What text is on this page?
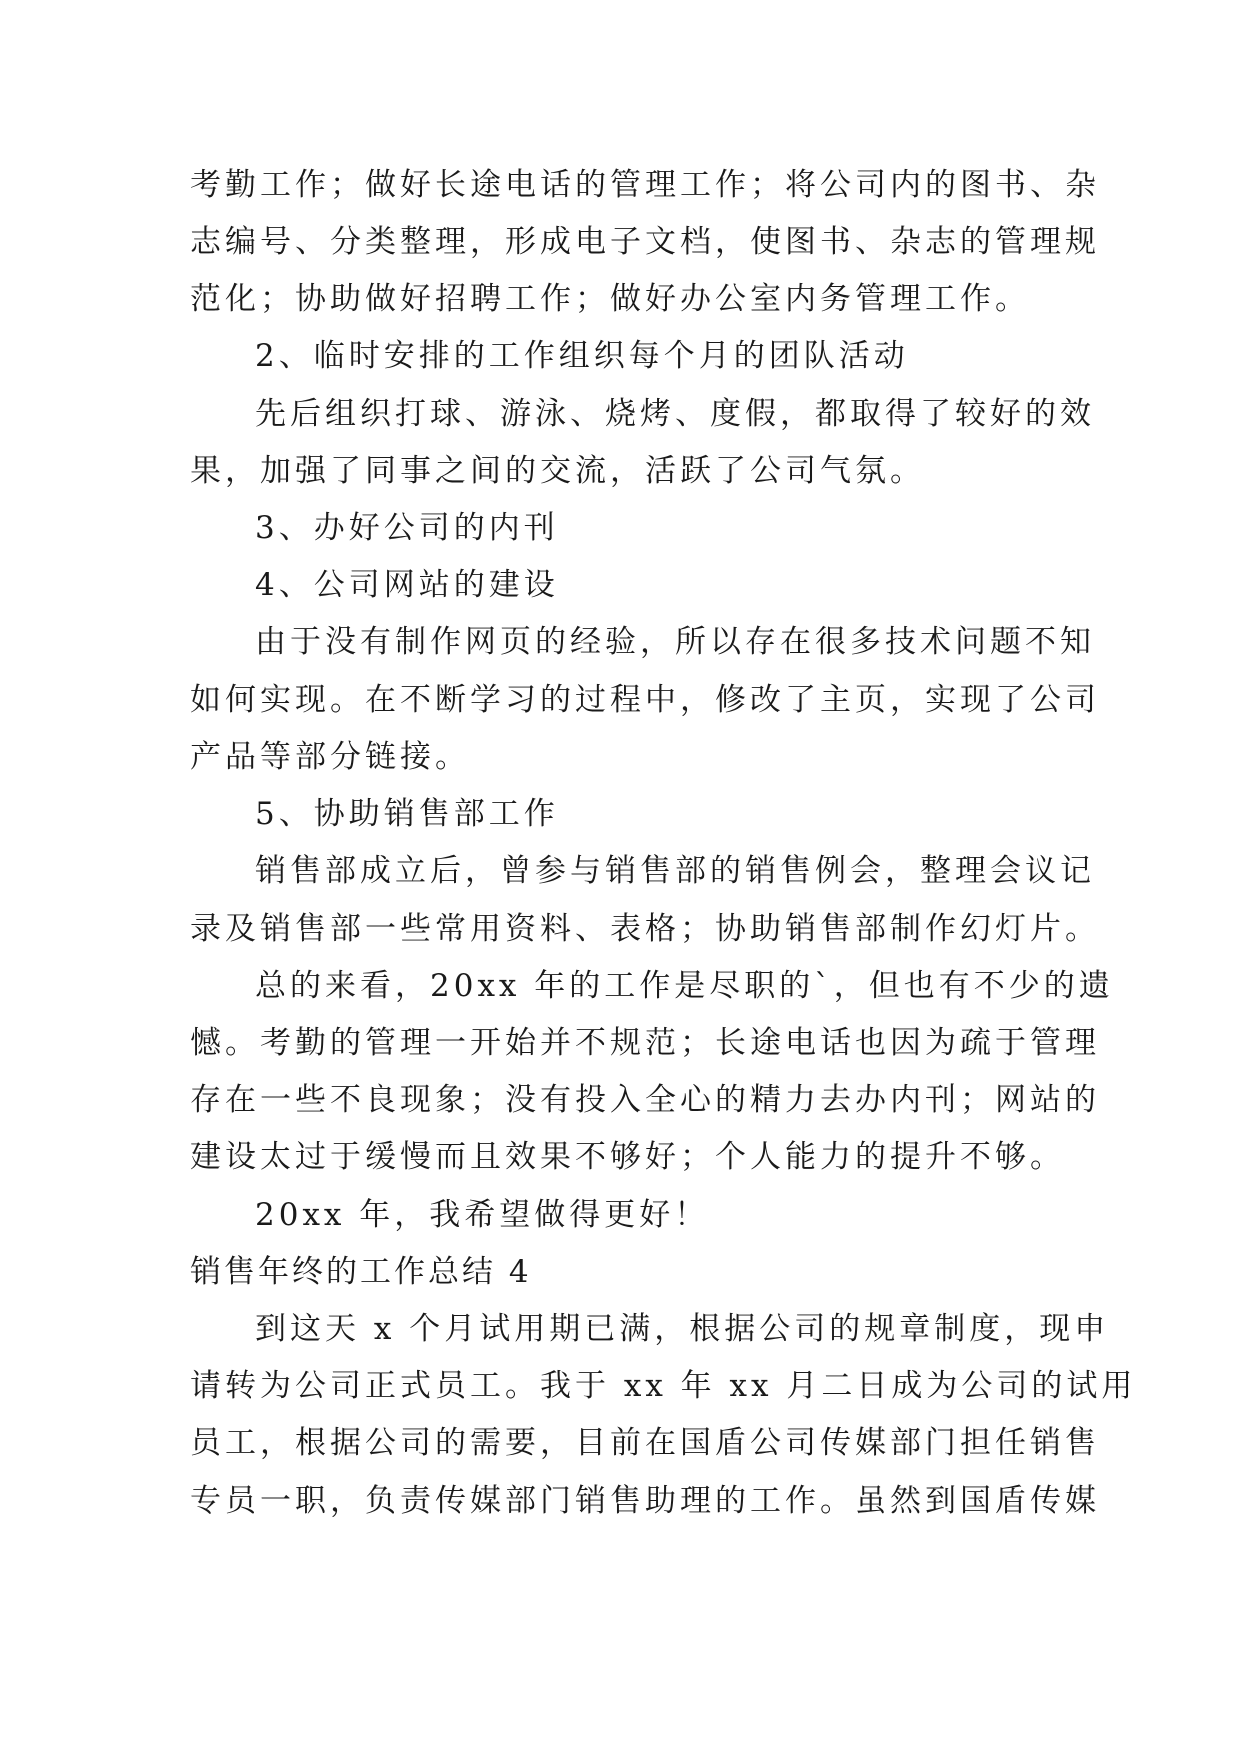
考勤工作；做好长途电话的管理工作；将公司内的图书、杂
志编号、分类整理，形成电子文档，使图书、杂志的管理规
范化；协助做好招聘工作；做好办公室内务管理工作。
2、临时安排的工作组织每个月的团队活动
先后组织打球、游泳、烧烤、度假，都取得了较好的效
果，加强了同事之间的交流，活跃了公司气氛。
3、办好公司的内刊
4、公司网站的建设
由于没有制作网页的经验，所以存在很多技术问题不知
如何实现。在不断学习的过程中，修改了主页，实现了公司
产品等部分链接。
5、协助销售部工作
销售部成立后，曾参与销售部的销售例会，整理会议记
录及销售部一些常用资料、表格；协助销售部制作幻灯片。
总的来看，20xx 年的工作是尽职的`，但也有不少的遗
憾。考勤的管理一开始并不规范；长途电话也因为疏于管理
存在一些不良现象；没有投入全心的精力去办内刊；网站的
建设太过于缓慢而且效果不够好；个人能力的提升不够。
20xx 年，我希望做得更好！
销售年终的工作总结 4
到这天 x 个月试用期已满，根据公司的规章制度，现申
请转为公司正式员工。我于 xx 年 xx 月二日成为公司的试用
员工，根据公司的需要，目前在国盾公司传媒部门担任销售
专员一职，负责传媒部门销售助理的工作。虽然到国盾传媒
